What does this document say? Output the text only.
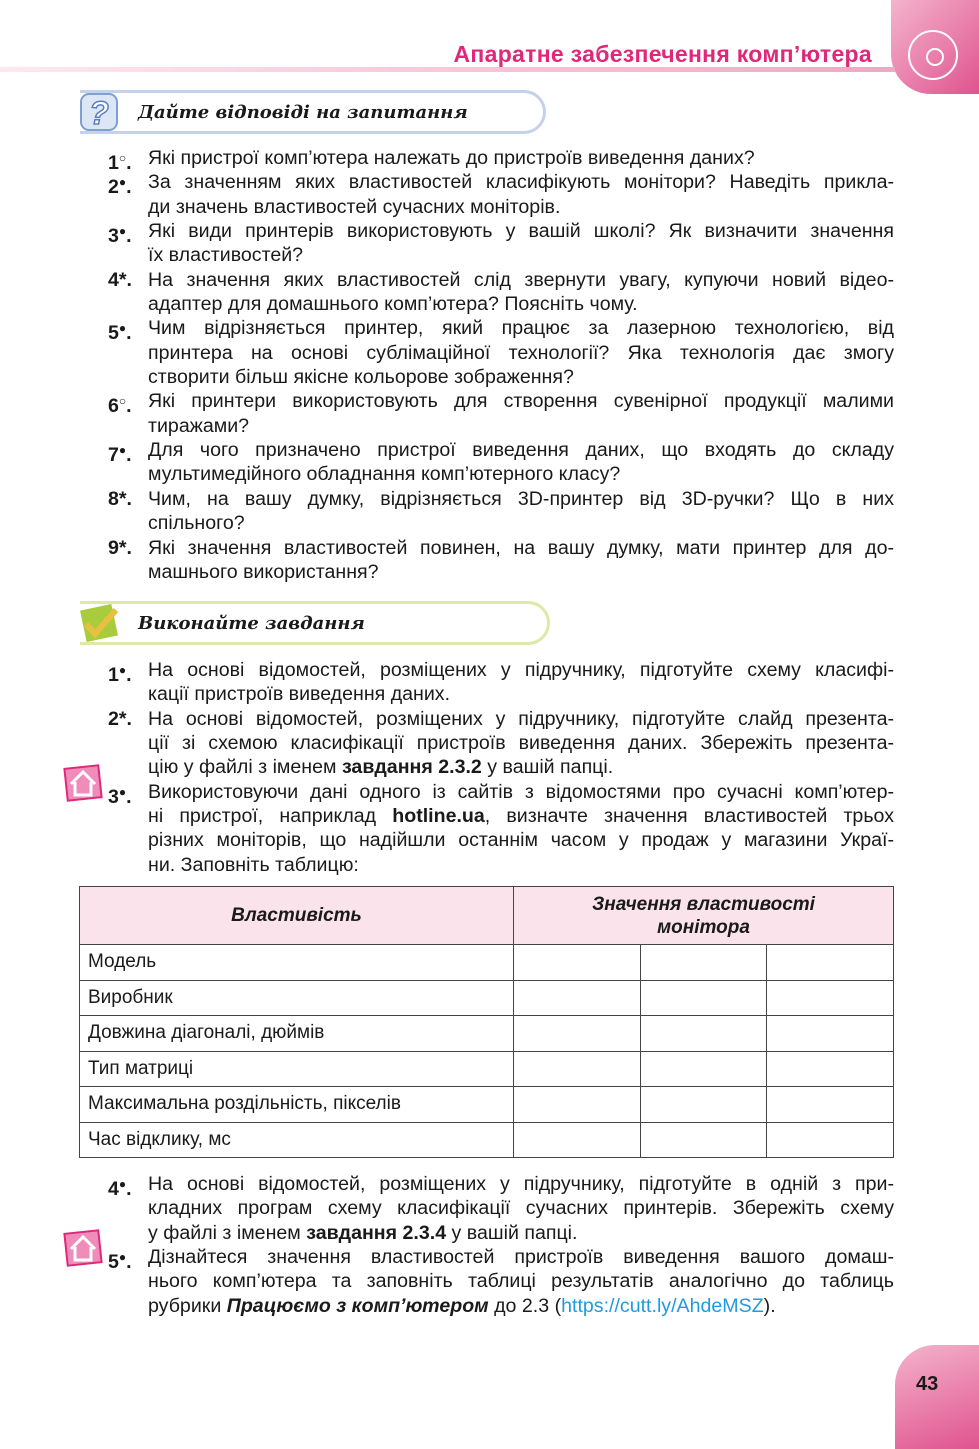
Апаратне забезпечення комп’ютера
? Дайте відповіді на запитання
1○. Які пристрої комп’ютера належать до пристроїв виведення даних?
2●. За значенням яких властивостей класифікують монітори? Наведіть прикла-
ди значень властивостей сучасних моніторів.
3●. Які види принтерів використовують у вашій школі? Як визначити значення
їх властивостей?
4*. На значення яких властивостей слід звернути увагу, купуючи новий відео-
адаптер для домашнього комп’ютера? Поясніть чому.
5●. Чим відрізняється принтер, який працює за лазерною технологією, від
принтера на основі сублімаційної технології? Яка технологія дає змогу
створити більш якісне кольорове зображення?
6○. Які принтери використовують для створення сувенірної продукції малими
тиражами?
7●. Для чого призначено пристрої виведення даних, що входять до складу
мультимедійного обладнання комп’ютерного класу?
8*. Чим, на вашу думку, відрізняється 3D-принтер від 3D-ручки? Що в них
спільного?
9*. Які значення властивостей повинен, на вашу думку, мати принтер для до-
машнього використання?
Виконайте завдання
1●. На основі відомостей, розміщених у підручнику, підготуйте схему класифі-
кації пристроїв виведення даних.
2*. На основі відомостей, розміщених у підручнику, підготуйте слайд презента-
ції зі схемою класифікації пристроїв виведення даних. Збережіть презента-
цію у файлі з іменем завдання 2.3.2 у вашій папці.
3●. Використовуючи дані одного із сайтів з відомостями про сучасні комп’ютер-
ні пристрої, наприклад hotline.ua, визначте значення властивостей трьох
різних моніторів, що надійшли останнім часом у продаж у магазини Украї-
ни. Заповніть таблицю:
Властивість	Значення властивості монітора		
Модель			
Виробник			
Довжина діагоналі, дюймів			
Тип матриці			
Максимальна роздільність, пікселів			
Час відклику, мс			
4●. На основі відомостей, розміщених у підручнику, підготуйте в одній з при-
кладних програм схему класифікації сучасних принтерів. Збережіть схему
у файлі з іменем завдання 2.3.4 у вашій папці.
5●. Дізнайтеся значення властивостей пристроїв виведення вашого домаш-
нього комп’ютера та заповніть таблиці результатів аналогічно до таблиць
рубрики Працюємо з комп’ютером до 2.3 (https://cutt.ly/AhdeMSZ).
43
